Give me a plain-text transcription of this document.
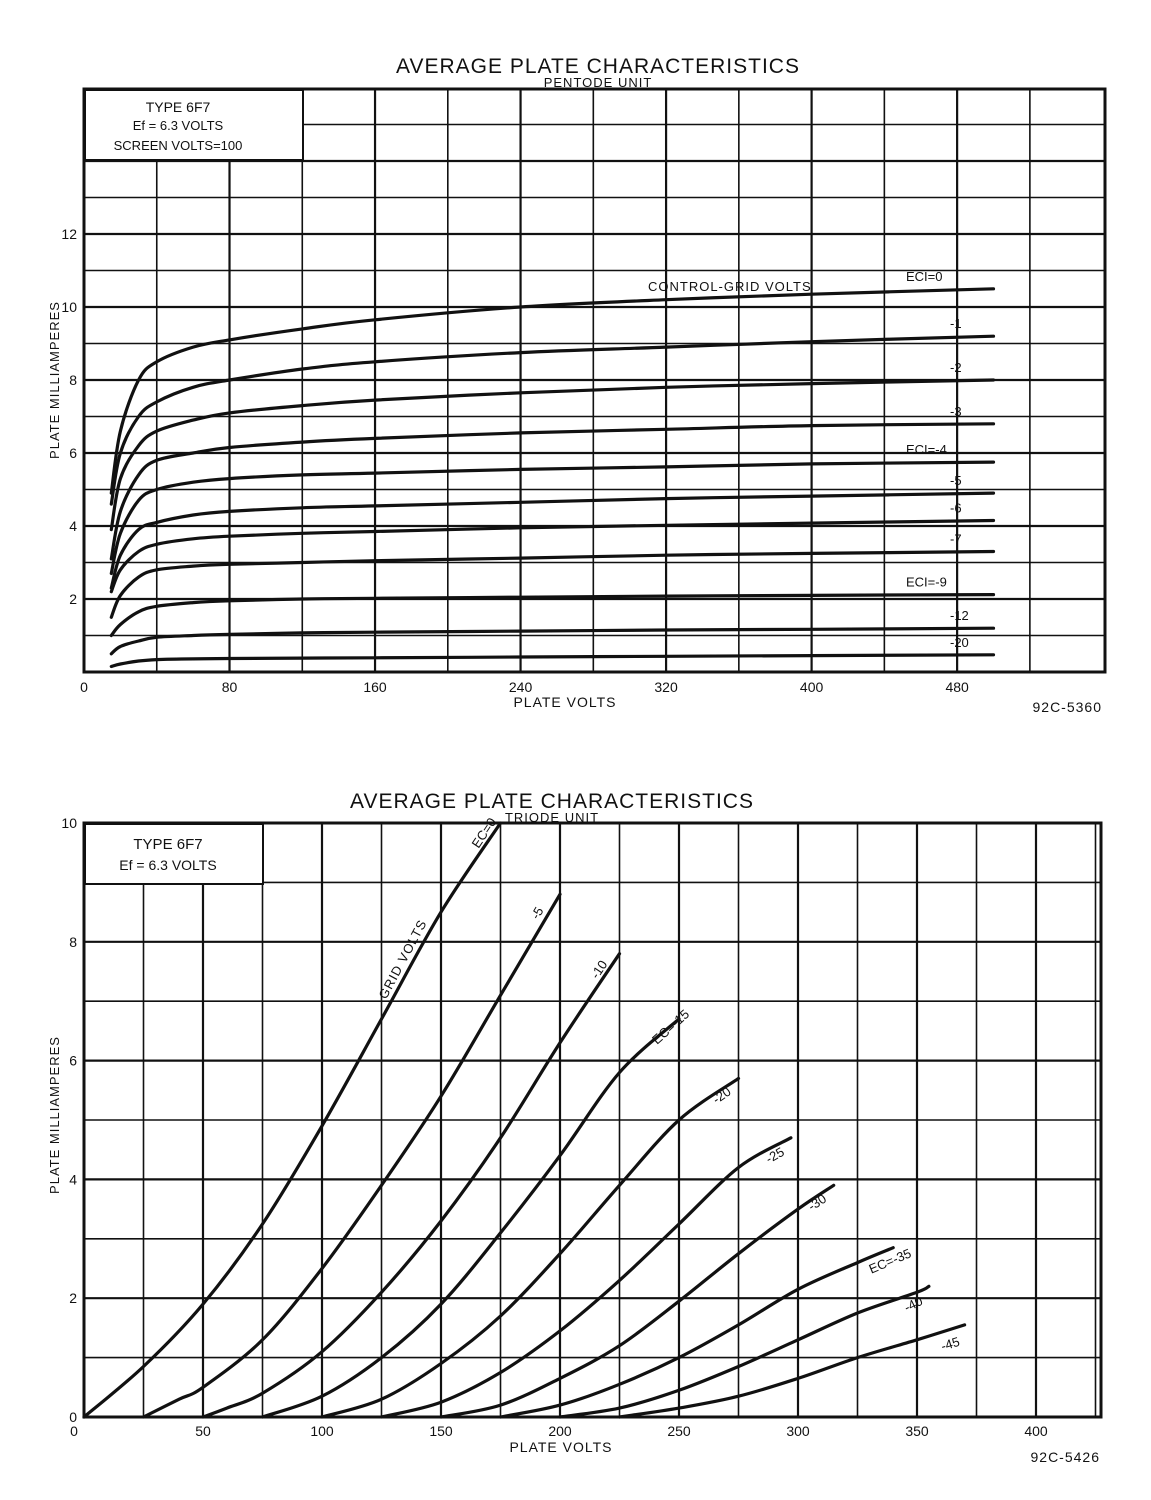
AVERAGE PLATE CHARACTERISTICS
PENTODE UNIT
ECI=0
-1
-2
-3
ECI=-4
-5
-6
-7
ECI=-9
-12
-20
0	80	160	240	320	400	480
2
4
6
8
10
12
TYPE 6F7
Ef = 6.3 VOLTS
SCREEN VOLTS=100
CONTROL-GRID VOLTS
PLATE VOLTS
PLATE MILLIAMPERES
92C-5360
AVERAGE PLATE CHARACTERISTICS
TRIODE UNIT
EC=0
-5
-10
EC=-15
-20
-25
-30
EC=-35
-40
-45
0	50	100	150	200	250	300	350	400
0
2
4
6
8
10
TYPE 6F7
Ef = 6.3 VOLTS
GRID VOLTS
PLATE VOLTS
PLATE MILLIAMPERES
92C-5426
